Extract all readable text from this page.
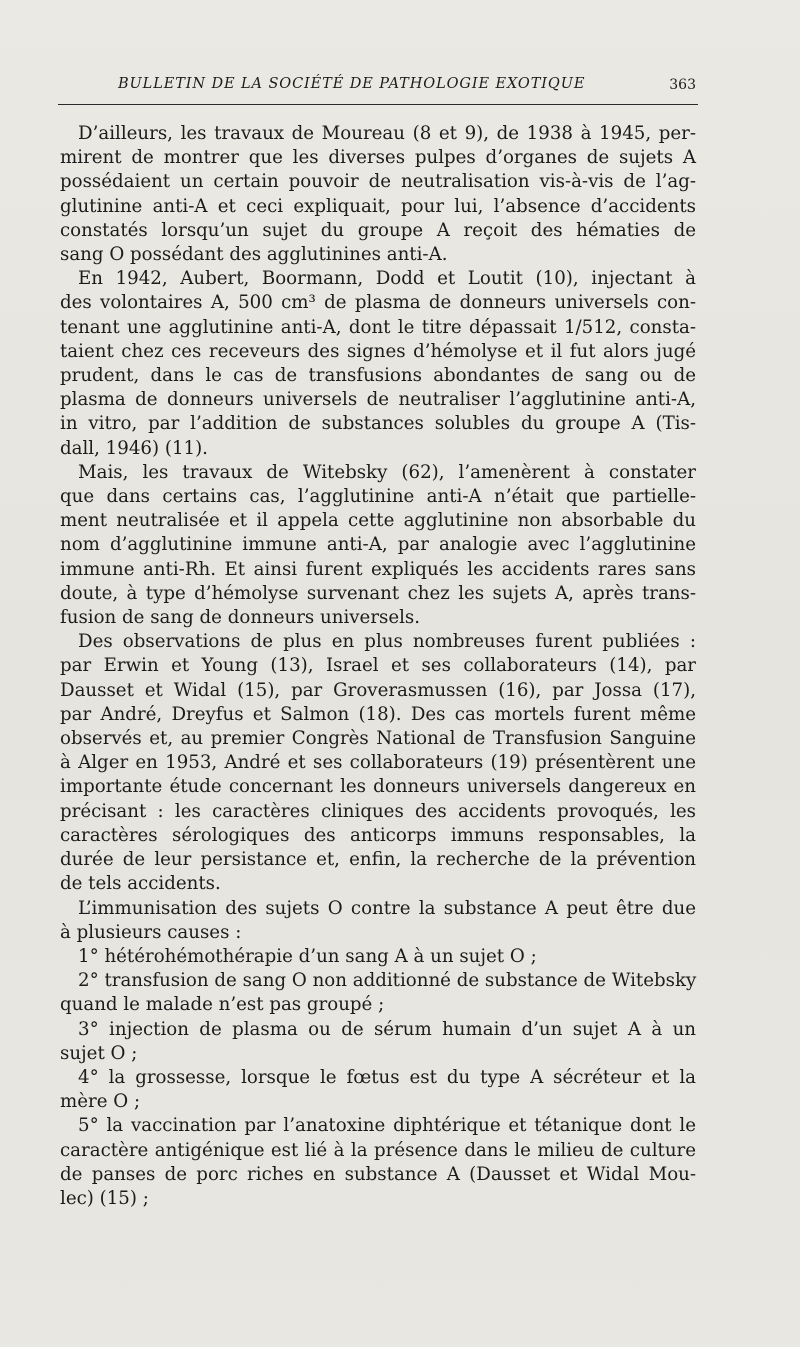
BULLETIN DE LA SOCIÉTÉ DE PATHOLOGIE EXOTIQUE	363
D’ailleurs, les travaux de Moureau (8 et 9), de 1938 à 1945, per-
mirent de montrer que les diverses pulpes d’organes de sujets A
possédaient un certain pouvoir de neutralisation vis-à-vis de l’ag-
glutinine anti-A et ceci expliquait, pour lui, l’absence d’accidents
constatés lorsqu’un sujet du groupe A reçoit des hématies de
sang O possédant des agglutinines anti-A.
En 1942, Aubert, Boormann, Dodd et Loutit (10), injectant à
des volontaires A, 500 cm³ de plasma de donneurs universels con-
tenant une agglutinine anti-A, dont le titre dépassait 1/512, consta-
taient chez ces receveurs des signes d’hémolyse et il fut alors jugé
prudent, dans le cas de transfusions abondantes de sang ou de
plasma de donneurs universels de neutraliser l’agglutinine anti-A,
in vitro, par l’addition de substances solubles du groupe A (Tis-
dall, 1946) (11).
Mais, les travaux de Witebsky (62), l’amenèrent à constater
que dans certains cas, l’agglutinine anti-A n’était que partielle-
ment neutralisée et il appela cette agglutinine non absorbable du
nom d’agglutinine immune anti-A, par analogie avec l’agglutinine
immune anti-Rh. Et ainsi furent expliqués les accidents rares sans
doute, à type d’hémolyse survenant chez les sujets A, après trans-
fusion de sang de donneurs universels.
Des observations de plus en plus nombreuses furent publiées :
par Erwin et Young (13), Israel et ses collaborateurs (14), par
Dausset et Widal (15), par Groverasmussen (16), par Jossa (17),
par André, Dreyfus et Salmon (18). Des cas mortels furent même
observés et, au premier Congrès National de Transfusion Sanguine
à Alger en 1953, André et ses collaborateurs (19) présentèrent une
importante étude concernant les donneurs universels dangereux en
précisant : les caractères cliniques des accidents provoqués, les
caractères sérologiques des anticorps immuns responsables, la
durée de leur persistance et, enfin, la recherche de la prévention
de tels accidents.
L’immunisation des sujets O contre la substance A peut être due
à plusieurs causes :
1° hétérohémothérapie d’un sang A à un sujet O ;
2° transfusion de sang O non additionné de substance de Witebsky
quand le malade n’est pas groupé ;
3° injection de plasma ou de sérum humain d’un sujet A à un
sujet O ;
4° la grossesse, lorsque le fœtus est du type A sécréteur et la
mère O ;
5° la vaccination par l’anatoxine diphtérique et tétanique dont le
caractère antigénique est lié à la présence dans le milieu de culture
de panses de porc riches en substance A (Dausset et Widal Mou-
lec) (15) ;
